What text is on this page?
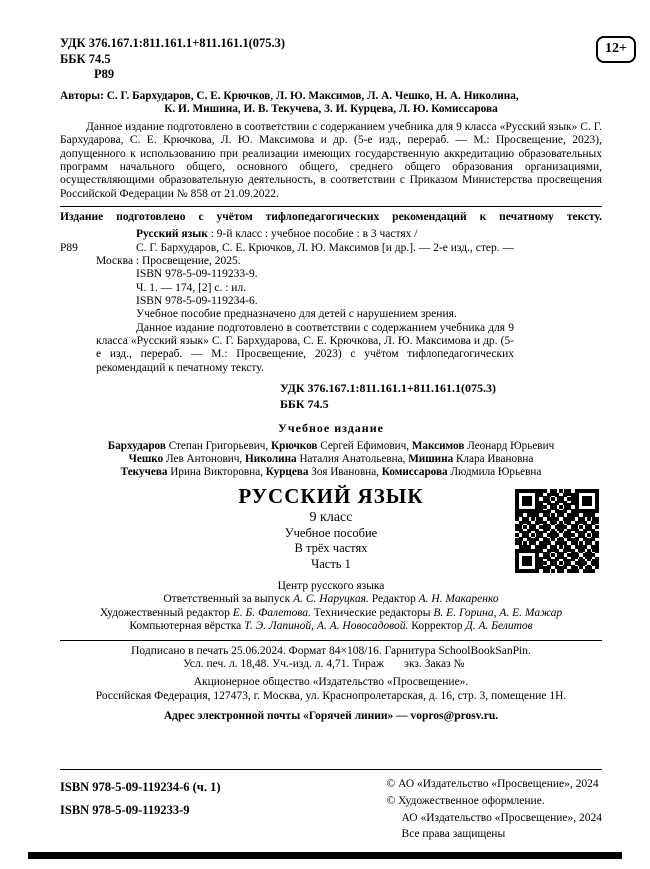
12+
УДК 376.167.1:811.161.1+811.161.1(075.3)
ББК 74.5
Р89
Авторы: С. Г. Бархударов, С. Е. Крючков, Л. Ю. Максимов, Л. А. Чешко, Н. А. Николина,
К. И. Мишина, И. В. Текучева, З. И. Курцева, Л. Ю. Комиссарова

Данное издание подготовлено в соответствии с содержанием учебника для 9 класса «Русский язык» С. Г. Бархударова, С. Е. Крючкова, Л. Ю. Максимова и др. (5-е изд., перераб. — М.: Просвещение, 2023), допущенного к использованию при реализации имеющих государственную аккредитацию образовательных программ начального общего, основного общего, среднего общего образования организациями, осуществляющими образовательную деятельность, в соответствии с Приказом Министерства просвещения Российской Федерации № 858 от 21.09.2022.

Издание подготовлено с учётом тифлопедагогических рекомендаций к печатному тексту.

Русский язык : 9-й класс : учебное пособие : в 3 частях /
Р89	С. Г. Бархударов, С. Е. Крючков, Л. Ю. Максимов [и др.]. — 2-е изд., стер. — Москва : Просвещение, 2025.
ISBN 978-5-09-119233-9.
Ч. 1. — 174, [2] с. : ил.
ISBN 978-5-09-119234-6.
Учебное пособие предназначено для детей с нарушением зрения.
Данное издание подготовлено в соответствии с содержанием учебника для 9 класса «Русский язык» С. Г. Бархударова, С. Е. Крючкова, Л. Ю. Максимова и др. (5-е изд., перераб. — М.: Просвещение, 2023) с учётом тифлопедагогических рекомендаций к печатному тексту.
УДК 376.167.1:811.161.1+811.161.1(075.3)
ББК 74.5
Учебное издание
Бархударов Степан Григорьевич, Крючков Сергей Ефимович, Максимов Леонард Юрьевич
Чешко Лев Антонович, Николина Наталия Анатольевна, Мишина Клара Ивановна
Текучева Ирина Викторовна, Курцева Зоя Ивановна, Комиссарова Людмила Юрьевна
РУССКИЙ ЯЗЫК
9 класс
Учебное пособие
В трёх частях
Часть 1
Центр русского языка
Ответственный за выпуск А. С. Наруцкая. Редактор А. Н. Макаренко
Художественный редактор Е. Б. Фалетова. Технические редакторы В. Е. Горина, А. Е. Мажар
Компьютерная вёрстка Т. Э. Лапиной, А. А. Новосадовой. Корректор Д. А. Белитов
Подписано в печать 25.06.2024. Формат 84×108/16. Гарнитура SchoolBookSanPin.
Усл. печ. л. 18,48. Уч.-изд. л. 4,71. Тираж       экз. Заказ №
Акционерное общество «Издательство «Просвещение».
Российская Федерация, 127473, г. Москва, ул. Краснопролетарская, д. 16, стр. 3, помещение 1Н.
Адрес электронной почты «Горячей линии» — vopros@prosv.ru.
ISBN 978-5-09-119234-6 (ч. 1)
ISBN 978-5-09-119233-9
© АО «Издательство «Просвещение», 2024
© Художественное оформление.
АО «Издательство «Просвещение», 2024
Все права защищены
